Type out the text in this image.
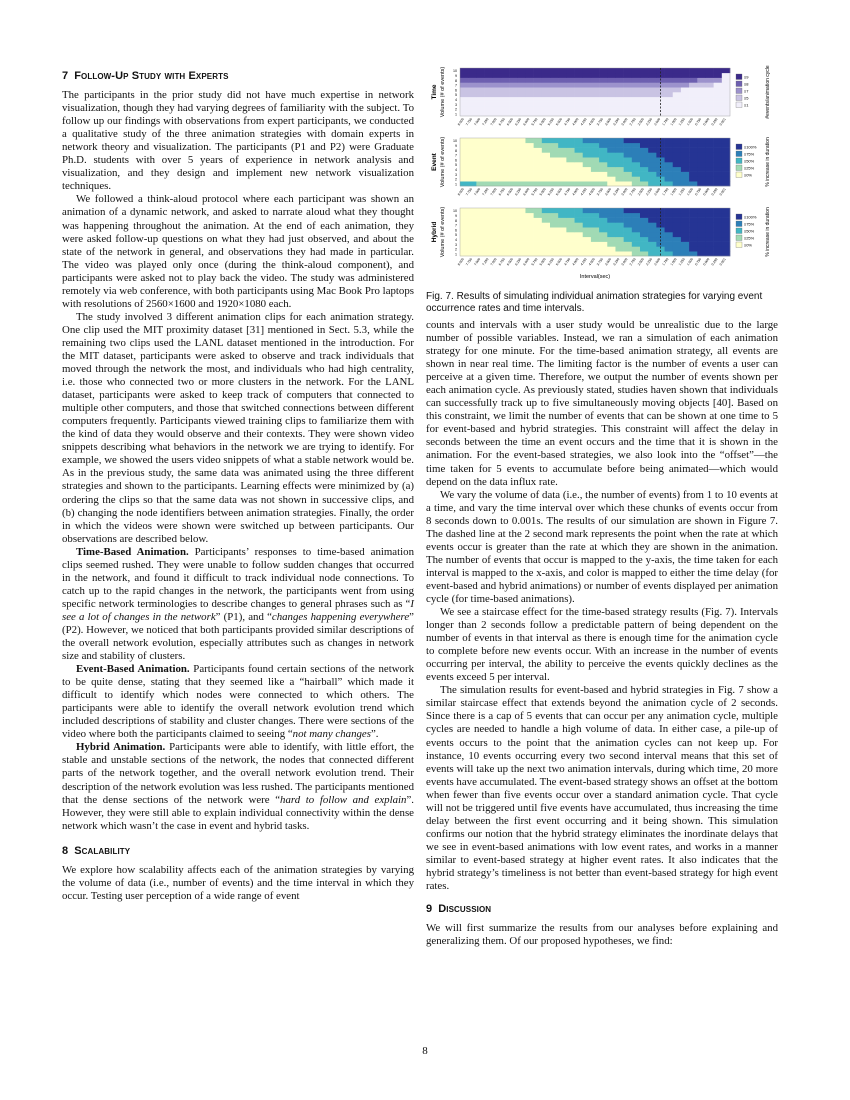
7 Follow-Up Study with Experts

The participants in the prior study did not have much expertise in network visualization, though they had varying degrees of familiarity with the subject. To follow up our findings with observations from expert participants, we conducted a qualitative study of the three animation strategies with domain experts in network theory and visualization. The participants (P1 and P2) were Graduate Ph.D. students with over 5 years of experience in network analysis and visualization, and they design and implement new network visualization techniques.

We followed a think-aloud protocol where each participant was shown an animation of a dynamic network, and asked to narrate aloud what they thought was happening throughout the animation. At the end of each animation, they were asked follow-up questions on what they had just observed, and about the state of the network in general, and observations they had made in particular. The video was played only once (during the think-aloud component), and participants were asked not to play back the video. The study was administered remotely via web conference, with both participants using Mac Book Pro laptops with resolutions of 2560×1600 and 1920×1080 each.

The study involved 3 different animation clips for each animation strategy. One clip used the MIT proximity dataset [31] mentioned in Sect. 5.3, while the remaining two clips used the LANL dataset mentioned in the introduction. For the MIT dataset, participants were asked to observe and track individuals that moved through the network the most, and individuals who had high centrality, i.e. those who connected two or more clusters in the network. For the LANL dataset, participants were asked to keep track of computers that connected to multiple other computers, and those that switched connections between different computers frequently. Participants viewed training clips to familiarize them with the kind of data they would observe and their contexts. They were shown video snippets describing what behaviors in the network we are trying to identify. For example, we showed the users video snippets of what a stable network would be. As in the previous study, the same data was animated using the three different strategies and shown to the participants. Learning effects were minimized by (a) ordering the clips so that the same data was not shown in successive clips, and (b) changing the node identifiers between animation strategies. Finally, the order in which the videos were shown were switched up between participants. Our observations are described below.

Time-Based Animation. Participants’ responses to time-based animation clips seemed rushed. They were unable to follow sudden changes that occurred in the network, and found it difficult to track individual node connections. To catch up to the rapid changes in the network, the participants went from using specific network terminologies to describe changes to general phrases such as “I see a lot of changes in the network” (P1), and “changes happening everywhere” (P2). However, we noticed that both participants provided similar descriptions of the overall network evolution, especially attributes such as changes in network size and stability of clusters.

Event-Based Animation. Participants found certain sections of the network to be quite dense, stating that they seemed like a “hairball” which made it difficult to identify which nodes were connected to which others. The participants were able to identify the overall network evolution trend which included descriptions of stability and cluster changes. There were sections of the video where both the participants claimed to seeing “not many changes”.

Hybrid Animation. Participants were able to identify, with little effort, the stable and unstable sections of the network, the nodes that connected different parts of the network together, and the overall network evolution trend. Their description of the network evolution was less rushed. The participants mentioned that the dense sections of the network were “hard to follow and explain”. However, they were still able to explain individual connectivity within the dense network which wasn’t the case in event and hybrid tasks.

8 Scalability

We explore how scalability affects each of the animation strategies by varying the volume of data (i.e., number of events) and the time interval in which they occur. Testing user perception of a wide range of event

Time Volume (# of events)	1
2
3
4
5
6
7
8
9
10
8.000 7.750 7.500 7.250 7.000 6.750 6.500 6.250 6.000 5.750 5.500 5.250 5.000 4.750 4.500 4.250 4.000 3.750 3.500 3.250 3.000 2.750 2.500 2.250 2.000 1.750 1.500 1.250 1.000 0.750 0.500 0.250 0.001
≥9
≥8
≥7
≥5
≥1	#events/animation cycle
Event Volume (# of events)	1
2
3
4
5
6
7
8
9
10
8.000 7.750 7.500 7.250 7.000 6.750 6.500 6.250 6.000 5.750 5.500 5.250 5.000 4.750 4.500 4.250 4.000 3.750 3.500 3.250 3.000 2.750 2.500 2.250 2.000 1.750 1.500 1.250 1.000 0.750 0.500 0.250 0.001
≥100%
≥75%
≥50%
≥25%
≥0%	% increase in duration
Hybrid Volume (# of events)	1
2
3
4
5
6
7
8
9
10
8.000 7.750 7.500 7.250 7.000 6.750 6.500 6.250 6.000 5.750 5.500 5.250 5.000 4.750 4.500 4.250 4.000 3.750 3.500 3.250 3.000 2.750 2.500 2.250 2.000 1.750 1.500 1.250 1.000 0.750 0.500 0.250 0.001
≥100%
≥75%
≥50%
≥25%
≥0%	% increase in duration
Interval(sec)
Fig. 7. Results of simulating individual animation strategies for varying event occurrence rates and time intervals.

counts and intervals with a user study would be unrealistic due to the large number of possible variables. Instead, we ran a simulation of each animation strategy for one minute. For the time-based animation strategy, all events are shown in near real time. The limiting factor is the number of events a user can perceive at a given time. Therefore, we output the number of events shown per each animation cycle. As previously stated, studies haven shown that individuals can successfully track up to five simultaneously moving objects [40]. Based on this constraint, we limit the number of events that can be shown at one time to 5 for event-based and hybrid strategies. This constraint will affect the delay in seconds between the time an event occurs and the time that it is shown in the animation. For the event-based strategies, we also look into the “offset”—the time taken for 5 events to accumulate before being animated—which would depend on the data influx rate.

We vary the volume of data (i.e., the number of events) from 1 to 10 events at a time, and vary the time interval over which these chunks of events occur from 8 seconds down to 0.001s. The results of our simulation are shown in Figure 7. The dashed line at the 2 second mark represents the point when the rate at which events occur is greater than the rate at which they are shown in the animation. The number of events that occur is mapped to the y-axis, the time taken for each interval is mapped to the x-axis, and color is mapped to either the time delay (for event-based and hybrid animations) or number of events displayed per animation cycle (for time-based animations).

We see a staircase effect for the time-based strategy results (Fig. 7). Intervals longer than 2 seconds follow a predictable pattern of being dependent on the number of events in that interval as there is enough time for the animation cycle to complete before new events occur. With an increase in the number of events occurring per interval, the ability to perceive the events quickly declines as the events exceed 5 per interval.

The simulation results for event-based and hybrid strategies in Fig. 7 show a similar staircase effect that extends beyond the animation cycle of 2 seconds. Since there is a cap of 5 events that can occur per any animation cycle, multiple cycles are needed to handle a high volume of data. In either case, a pile-up of events occurs to the point that the animation cycles can not keep up. For instance, 10 events occurring every two second interval means that this set of events will take up the next two animation intervals, during which time, 20 more events have accumulated. The event-based strategy shows an offset at the bottom when fewer than five events occur over a standard animation cycle. That cycle will not be triggered until five events have accumulated, thus increasing the time delay between the first event occurring and it being shown. This simulation confirms our notion that the hybrid strategy eliminates the inordinate delays that we see in event-based animations with low event rates, and works in a manner similar to event-based strategy at higher event rates. It also indicates that the hybrid strategy’s timeliness is not better than event-based strategy for high event rates.

9 Discussion

We will first summarize the results from our analyses before explaining and generalizing them. Of our proposed hypotheses, we find:

8
